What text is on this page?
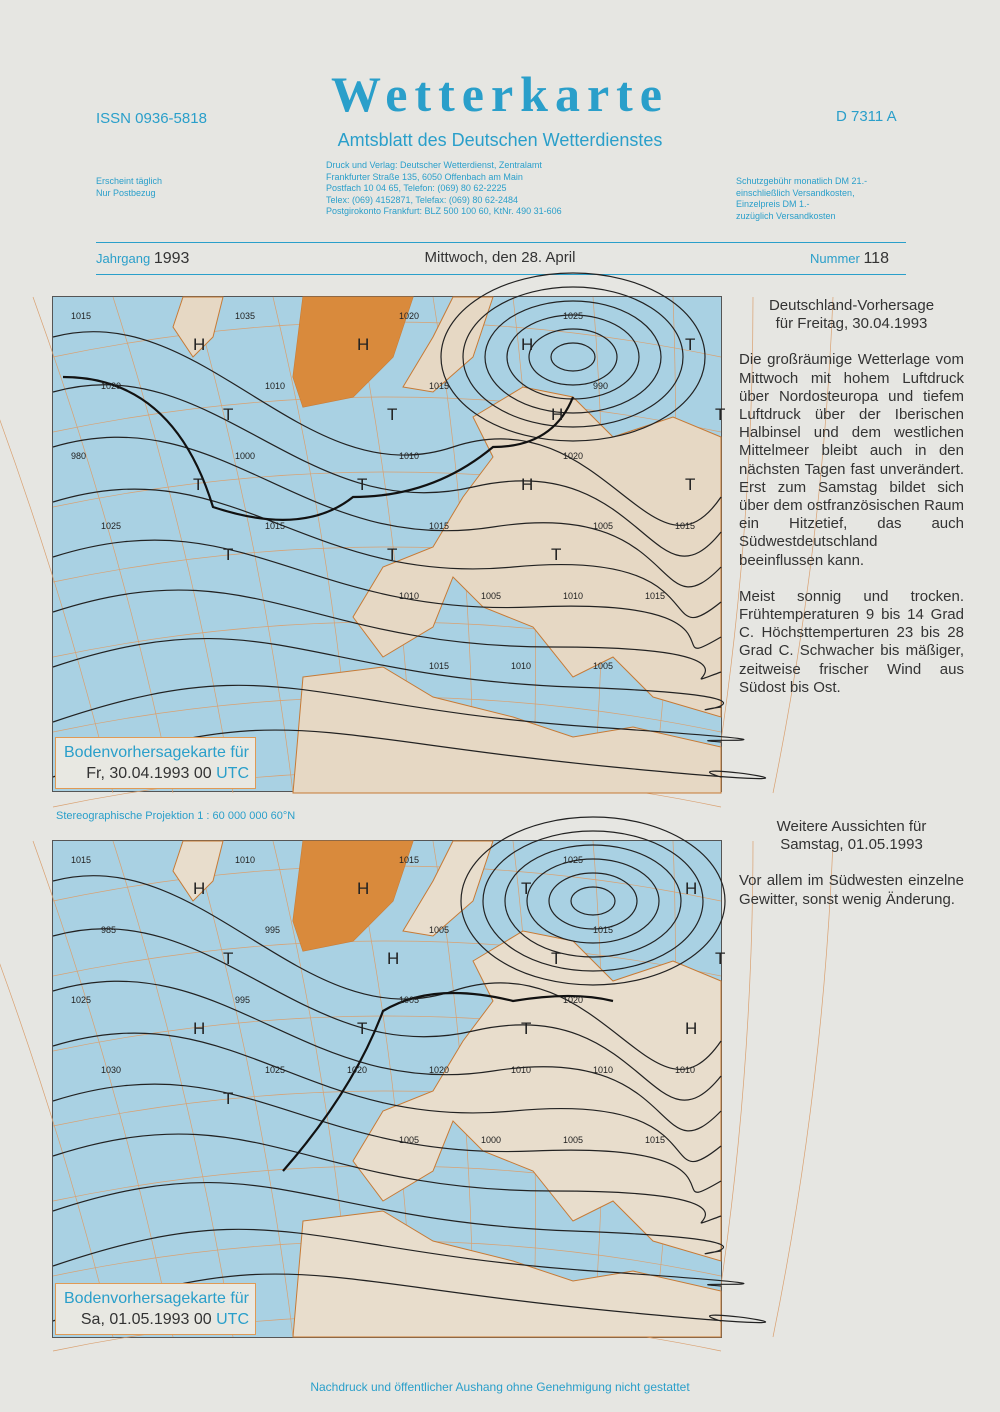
ISSN 0936-5818	Wetterkarte
Amtsblatt des Deutschen Wetterdienstes
D 7311 A
Erscheint täglich
Nur Postbezug
Druck und Verlag: Deutscher Wetterdienst, Zentralamt
Frankfurter Straße 135, 6050 Offenbach am Main
Postfach 10 04 65, Telefon: (069) 80 62-2225
Telex: (069) 4152871, Telefax: (069) 80 62-2484
Postgirokonto Frankfurt: BLZ 500 100 60, KtNr. 490 31-606
Schutzgebühr monatlich DM 21.-
einschließlich Versandkosten,
Einzelpreis DM 1.-
zuzüglich Versandkosten
Jahrgang 1993	Mittwoch, den 28. April	Nummer 118
1015
H
1035
H
1020
H
1025
T
1020
T
1010
T
1015
H
990
T
980
T
1000
T
1010
H
1020
T
1025
T
1015
T
1015
T
1005	1015
1010	1005	1010	1015
1015	1010	1005
Bodenvorhersagekarte für
Fr, 30.04.1993 00 UTC
Stereographische Projektion 1 : 60 000 000 60°N
1015
H
1010
H
1015
T
1025
H
985
T
995
H
1005
T
1015
T
1025
H
995
T
1005
T
1020
H
1030
T
1025	1020	1020	1010	1010	1010
1005	1000	1005	1015
Bodenvorhersagekarte für
Sa, 01.05.1993 00 UTC
Deutschland-Vorhersage
für Freitag, 30.04.1993

Die großräumige Wetterlage vom Mittwoch mit hohem Luftdruck über Nordosteuropa und tiefem Luftdruck über der Iberischen Halbinsel und dem westlichen Mittelmeer bleibt auch in den nächsten Tagen fast unverändert. Erst zum Samstag bildet sich über dem ostfranzösischen Raum ein Hitzetief, das auch Südwestdeutschland beeinflussen kann.

Meist sonnig und trocken. Frühtemperaturen 9 bis 14 Grad C. Höchsttemperturen 23 bis 28 Grad C. Schwacher bis mäßiger, zeitweise frischer Wind aus Südost bis Ost.

Weitere Aussichten für
Samstag, 01.05.1993

Vor allem im Südwesten einzelne Gewitter, sonst wenig Änderung.

Nachdruck und öffentlicher Aushang ohne Genehmigung nicht gestattet
